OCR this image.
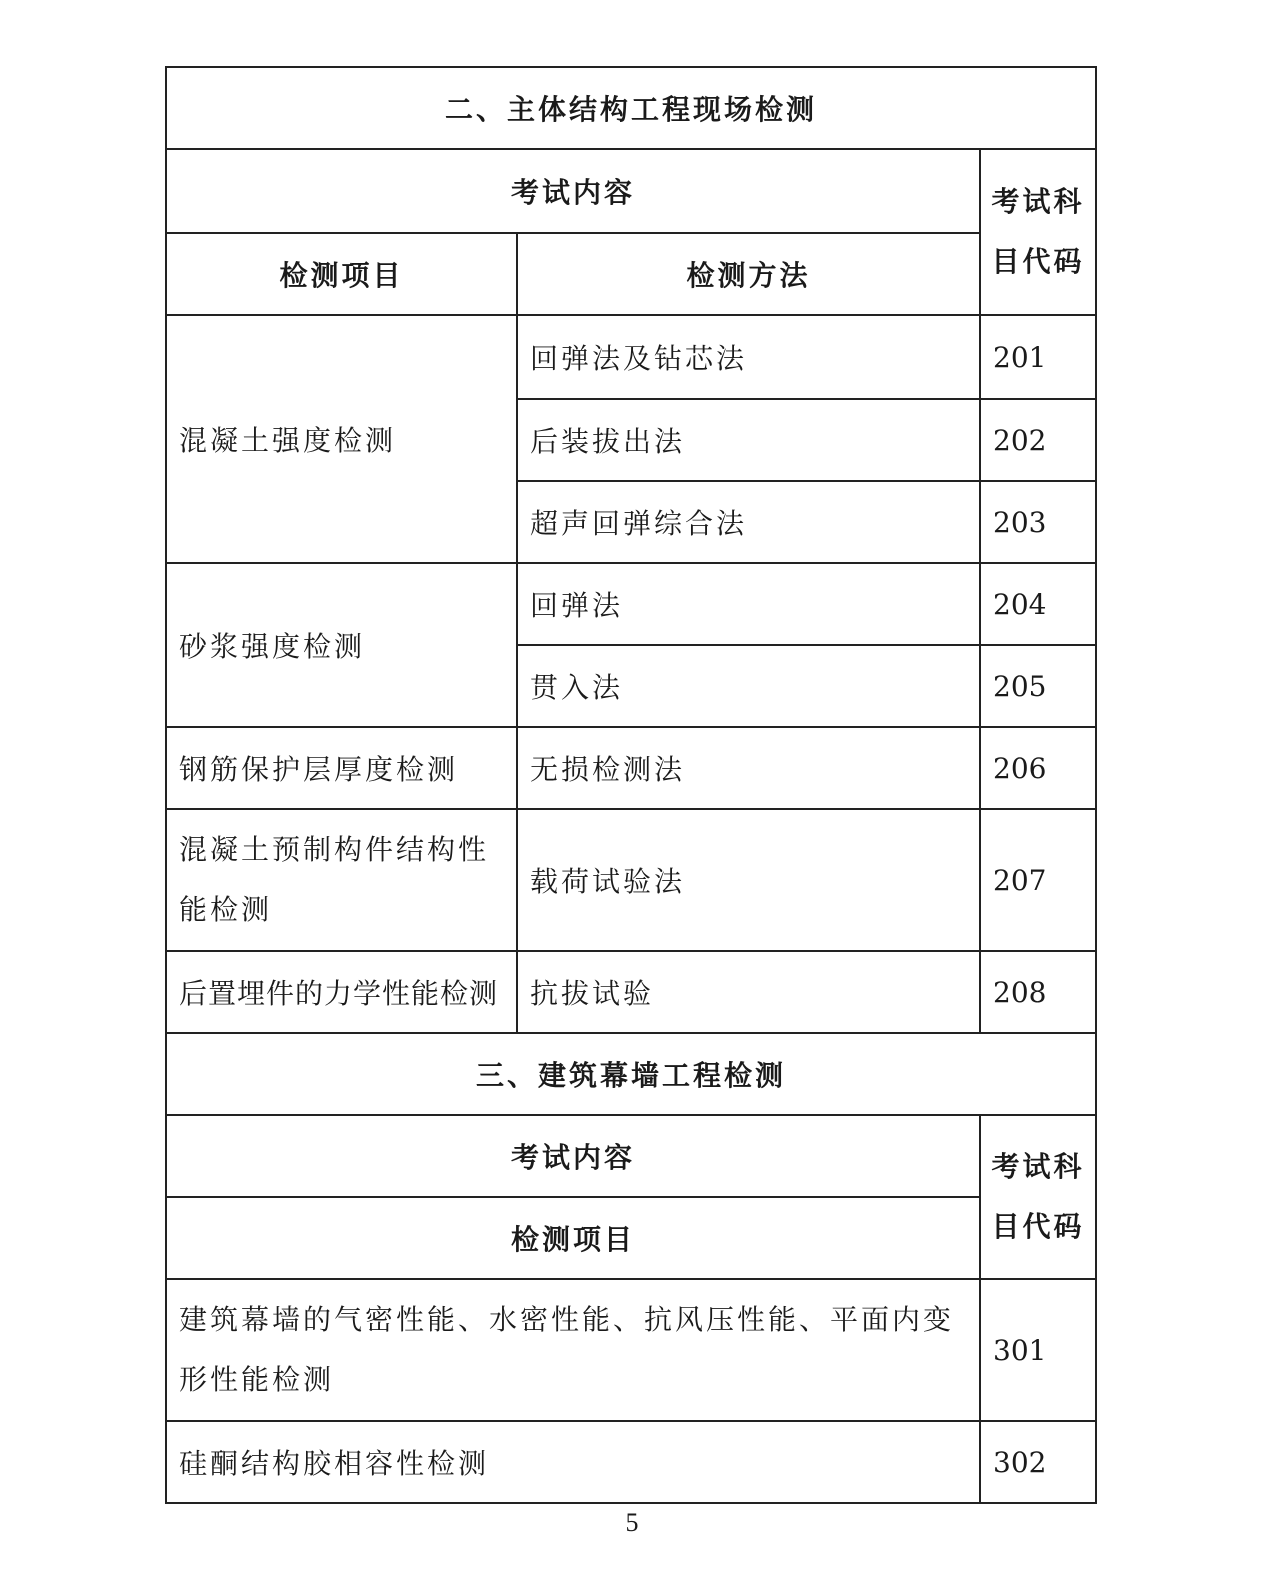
二、主体结构工程现场检测		
考试内容		考试科目代码
检测项目	检测方法	
混凝土强度检测	回弹法及钻芯法	201
	后装拔出法	202
	超声回弹综合法	203
砂浆强度检测	回弹法	204
	贯入法	205
钢筋保护层厚度检测	无损检测法	206
混凝土预制构件结构性能检测	载荷试验法	207
后置埋件的力学性能检测	抗拔试验	208
三、建筑幕墙工程检测		
考试内容		考试科目代码
检测项目		
建筑幕墙的气密性能、水密性能、抗风压性能、平面内变形性能检测		301
硅酮结构胶相容性检测		302
5
